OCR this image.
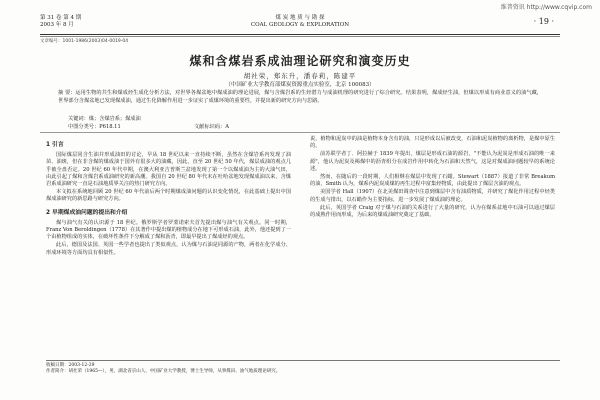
维普资讯 http://www.cqvip.com
第 31 卷 第 4 期
2003 年 8 月
煤 炭 地 质 与 勘 探
COAL GEOLOGY & EXPLORATION	· 19 ·
文章编号：1001-1986(2003)04-0019-04
煤和含煤岩系成油理论研究和演变历史
胡社荣，郑东升，潘春莉，陈建平
（中国矿业大学教育部煤炭资源重点实验室，北京 100083）
摘 要：运用生物的共生和煤成烃生成化分析方法，对世界各煤盆地中煤成油的理论进展，煤与含煤岩系的生烃潜力与成油机理的研究进行了综合研究。结果表明，煤成烃生油，但煤以形成有商业意义的油气藏，世界部分含煤盆地已发现煤成油，通过生化降解作用进一步证实了成煤环境的重要性，并提出新的研究方向与思路。
关键词：煤；含煤岩系；煤成油
中图分类号：P618.11	文献标识码：A
1 引言

国际煤层同含生油并形成油田的讨论，早从 18 世纪以来一直持续不断，虽然在含煤岩系内发现了油苗、油斑，但在非含煤的煤成油于国外有很多大的油藏，因此，直至 20 世纪 50 年代，煤层成油的观点几乎被全盘否定。20 世纪 60 年代中期，在澳大利亚吉普斯兰盆地发现了第一个以煤成油为主的大油气田，由此引起了煤和含煤岩系成油研究的新高潮。我国自 20 世纪 80 年代末在吐哈盆地发现煤成油以来，含煤岩系成油研究一直是石油地质界关注的热门研究方向。

本文拟在系统地回顾 20 世纪 60 年代前后两个时期煤成油问题的认识变化情况，在此基础上提出中国煤成油研究的新思路与研究方向。

2 早期煤成油问题的提出和介绍

煤与油气有关的认识源于 18 世纪。俄罗斯学者罗蒙诺索夫首先提出煤与油气有关观点。同一时期，Franz Von Beroldingen（1778）在其著作中提出煤的植物成分在地下可形成石油，此外，他还提到了一个由植物组成的实体，在破坏性条件下分解成了煤和沥青，即最早提出了煤成烃的观点。

此后，德国及法国、英国一些学者也提出了类似观点，认为煤与石油是同源的产物，两者在化学成分、形成环境等方面均具有相似性。

说，植物和泥炭中的油是植物本身含有的油，只是形成以后被改变，石油和泥炭植物的离析物，是煤中原生的。

前苏联学者丁．阿拉赫于 1839 年提出，煤层是形成石油的源岩，"不能认为泥炭是形成石油的唯一来源"，他认为泥炭及褐煤中的沥青组分在成岩作用中转化为石油和天然气，这是对煤成油问题较早的系统论述。

然而，在随后的一段时期，人们相继在煤层中发现了石蜡。Stewart（1887）报道了非常 Breakum 的油，Smith 认为，煤系内泥炭成煤的再生过程中富集烃物质，由此提出了煤层含油的观点。

美国学者 Hall（1907）在北美煤田调查中注意到煤层中含有油质物质，并研究了煤化作用过程中烃类的生成与排出，以石蜡作为主要指标，进一步发展了煤成油的理论。

此后，英国学者 Craig 对于煤与石油的关系进行了大量的研究，认为在煤系盆地中石油可以通过煤层的成熟作用而形成，为后来的煤成油研究奠定了基础。

收稿日期：2003-12-29
作者简介：胡社荣（1965—），男，湖北省京山人，中国矿业大学教授，博士生导师，从事煤田、油气地质理论研究。
